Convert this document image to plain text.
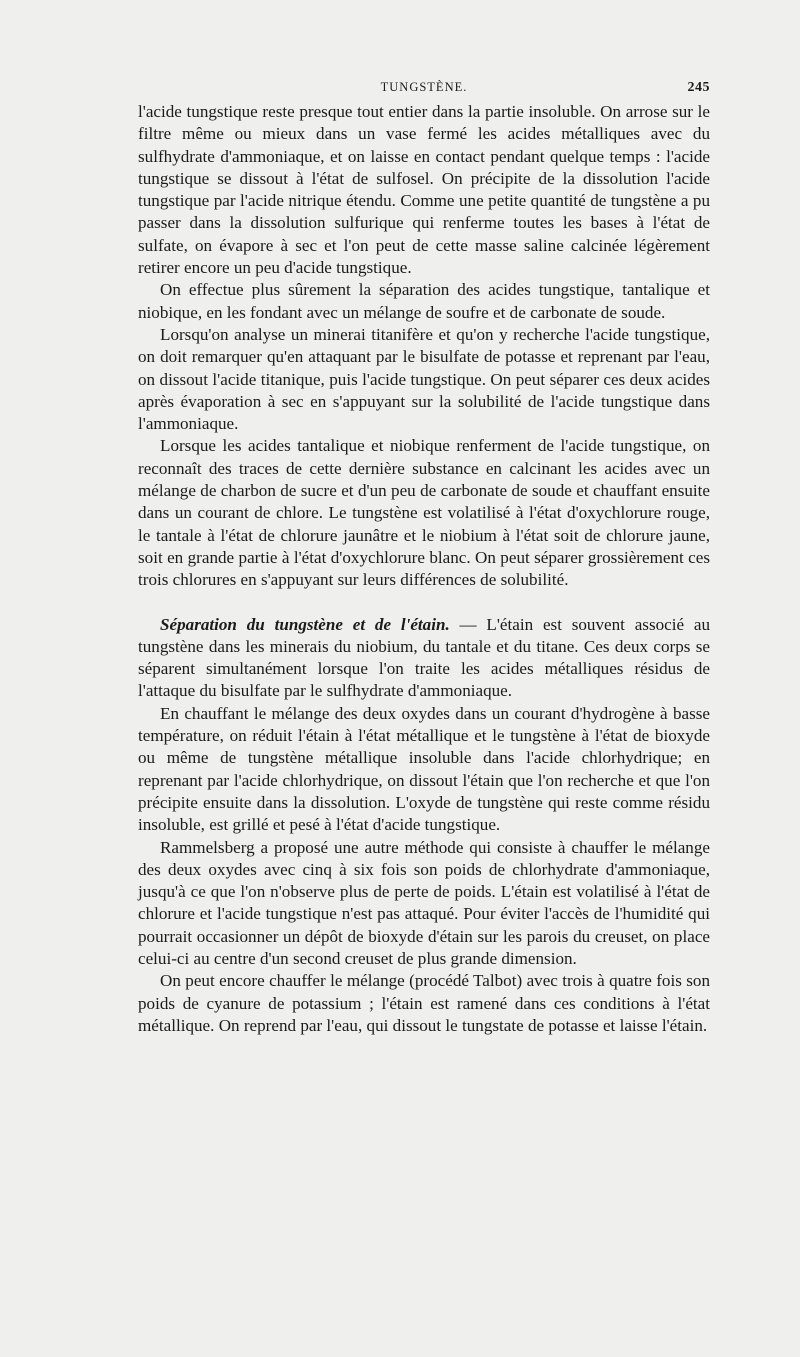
TUNGSTÈNE.	245

l'acide tungstique reste presque tout entier dans la partie insoluble. On arrose sur le filtre même ou mieux dans un vase fermé les acides métalliques avec du sulfhydrate d'ammoniaque, et on laisse en contact pendant quelque temps : l'acide tungstique se dissout à l'état de sulfosel. On précipite de la dissolution l'acide tungstique par l'acide nitrique étendu. Comme une petite quantité de tungstène a pu passer dans la dissolution sulfurique qui renferme toutes les bases à l'état de sulfate, on évapore à sec et l'on peut de cette masse saline calcinée légèrement retirer encore un peu d'acide tungstique.

On effectue plus sûrement la séparation des acides tungstique, tantalique et niobique, en les fondant avec un mélange de soufre et de carbonate de soude.

Lorsqu'on analyse un minerai titanifère et qu'on y recherche l'acide tungstique, on doit remarquer qu'en attaquant par le bisulfate de potasse et reprenant par l'eau, on dissout l'acide titanique, puis l'acide tungstique. On peut séparer ces deux acides après évaporation à sec en s'appuyant sur la solubilité de l'acide tungstique dans l'ammoniaque.

Lorsque les acides tantalique et niobique renferment de l'acide tungstique, on reconnaît des traces de cette dernière substance en calcinant les acides avec un mélange de charbon de sucre et d'un peu de carbonate de soude et chauffant ensuite dans un courant de chlore. Le tungstène est volatilisé à l'état d'oxychlorure rouge, le tantale à l'état de chlorure jaunâtre et le niobium à l'état soit de chlorure jaune, soit en grande partie à l'état d'oxychlorure blanc. On peut séparer grossièrement ces trois chlorures en s'appuyant sur leurs différences de solubilité.

Séparation du tungstène et de l'étain. — L'étain est souvent associé au tungstène dans les minerais du niobium, du tantale et du titane. Ces deux corps se séparent simultanément lorsque l'on traite les acides métalliques résidus de l'attaque du bisulfate par le sulfhydrate d'ammoniaque.

En chauffant le mélange des deux oxydes dans un courant d'hydrogène à basse température, on réduit l'étain à l'état métallique et le tungstène à l'état de bioxyde ou même de tungstène métallique insoluble dans l'acide chlorhydrique; en reprenant par l'acide chlorhydrique, on dissout l'étain que l'on recherche et que l'on précipite ensuite dans la dissolution. L'oxyde de tungstène qui reste comme résidu insoluble, est grillé et pesé à l'état d'acide tungstique.

Rammelsberg a proposé une autre méthode qui consiste à chauffer le mélange des deux oxydes avec cinq à six fois son poids de chlorhydrate d'ammoniaque, jusqu'à ce que l'on n'observe plus de perte de poids. L'étain est volatilisé à l'état de chlorure et l'acide tungstique n'est pas attaqué. Pour éviter l'accès de l'humidité qui pourrait occasionner un dépôt de bioxyde d'étain sur les parois du creuset, on place celui-ci au centre d'un second creuset de plus grande dimension.

On peut encore chauffer le mélange (procédé Talbot) avec trois à quatre fois son poids de cyanure de potassium ; l'étain est ramené dans ces conditions à l'état métallique. On reprend par l'eau, qui dissout le tungstate de potasse et laisse l'étain.
